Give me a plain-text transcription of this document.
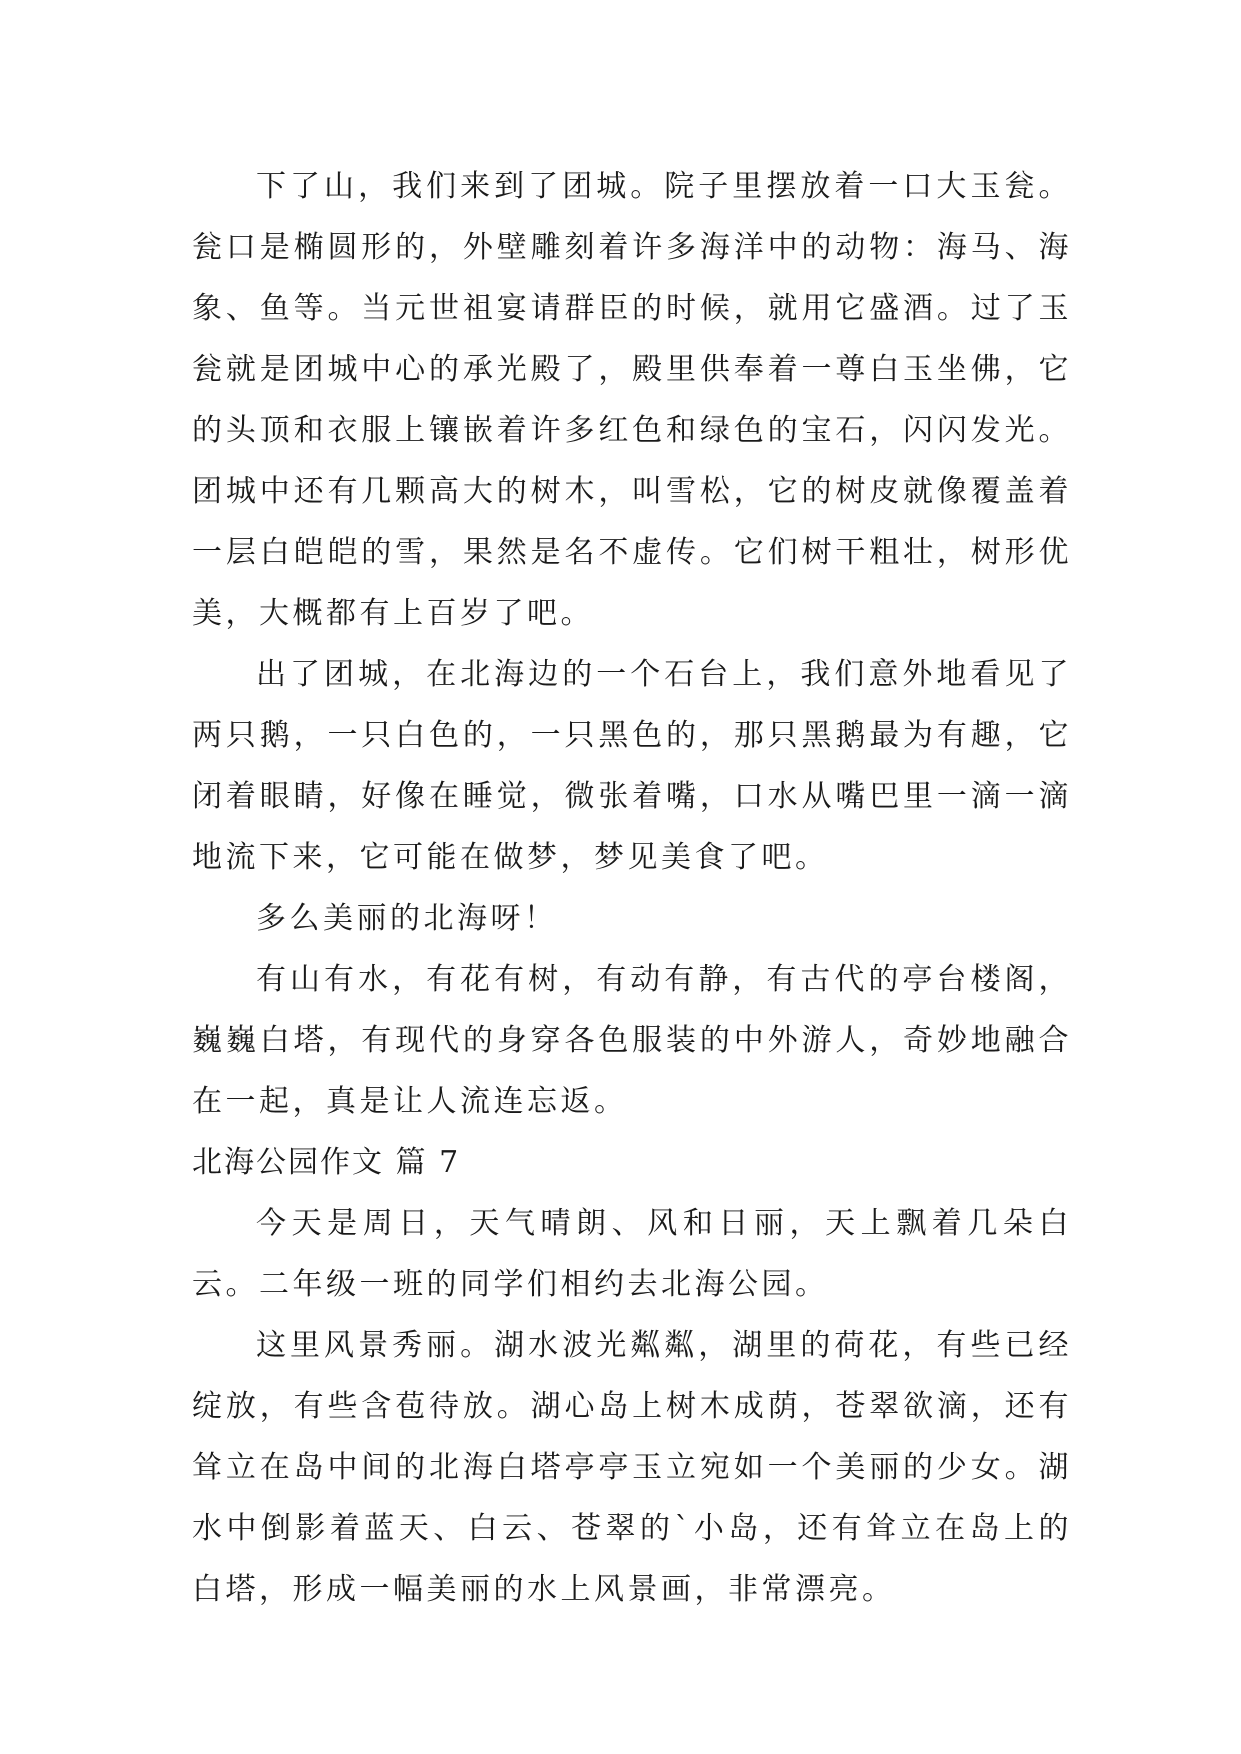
下了山，我们来到了团城。院子里摆放着一口大玉瓮。瓮口是椭圆形的，外壁雕刻着许多海洋中的动物：海马、海象、鱼等。当元世祖宴请群臣的时候，就用它盛酒。过了玉瓮就是团城中心的承光殿了，殿里供奉着一尊白玉坐佛，它的头顶和衣服上镶嵌着许多红色和绿色的宝石，闪闪发光。团城中还有几颗高大的树木，叫雪松，它的树皮就像覆盖着一层白皑皑的雪，果然是名不虚传。它们树干粗壮，树形优美，大概都有上百岁了吧。

出了团城，在北海边的一个石台上，我们意外地看见了两只鹅，一只白色的，一只黑色的，那只黑鹅最为有趣，它闭着眼睛，好像在睡觉，微张着嘴，口水从嘴巴里一滴一滴地流下来，它可能在做梦，梦见美食了吧。

多么美丽的北海呀！

有山有水，有花有树，有动有静，有古代的亭台楼阁，巍巍白塔，有现代的身穿各色服装的中外游人，奇妙地融合在一起，真是让人流连忘返。

北海公园作文 篇 7

今天是周日，天气晴朗、风和日丽，天上飘着几朵白云。二年级一班的同学们相约去北海公园。

这里风景秀丽。湖水波光粼粼，湖里的荷花，有些已经绽放，有些含苞待放。湖心岛上树木成荫，苍翠欲滴，还有耸立在岛中间的北海白塔亭亭玉立宛如一个美丽的少女。湖水中倒影着蓝天、白云、苍翠的`小岛，还有耸立在岛上的白塔，形成一幅美丽的水上风景画，非常漂亮。
